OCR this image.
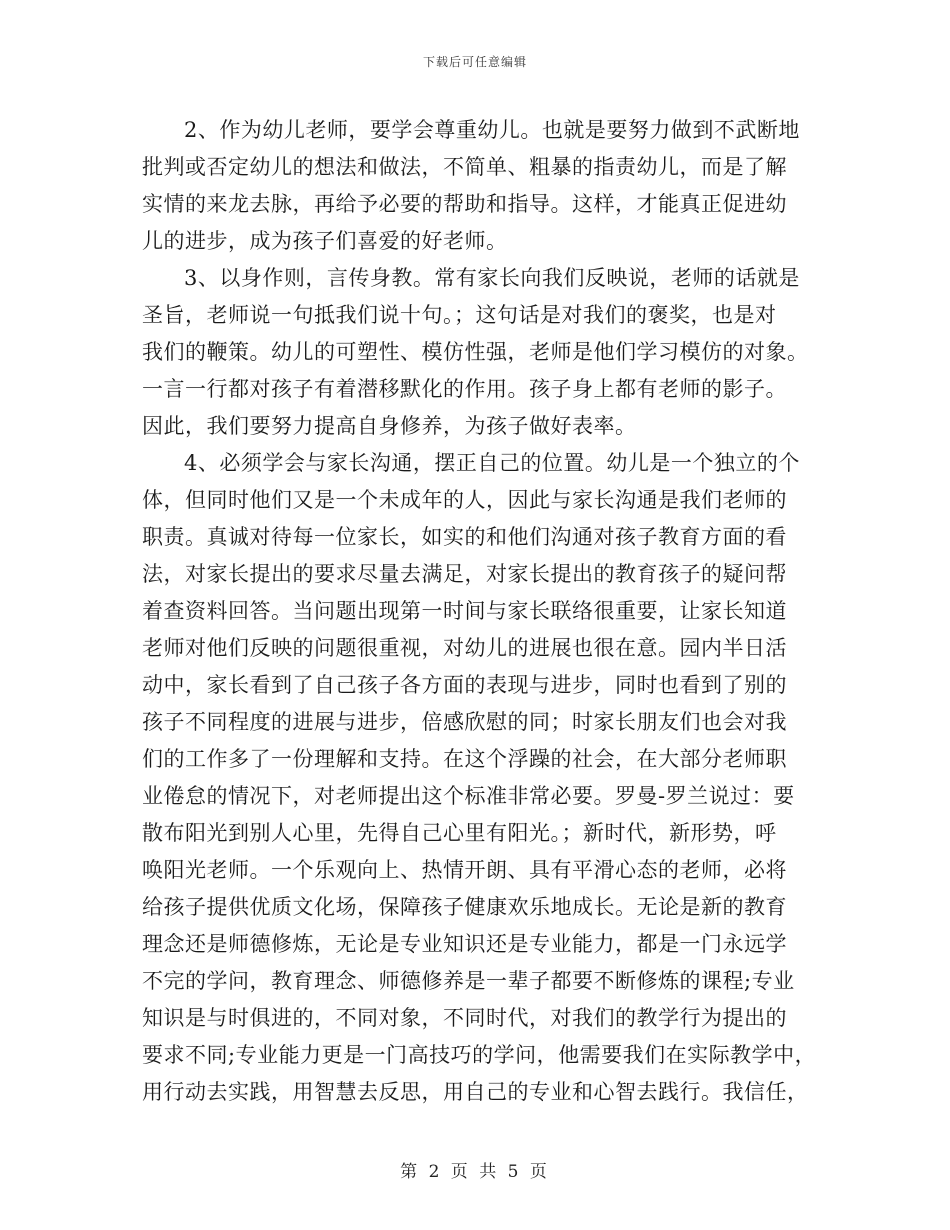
下载后可任意编辑
2、作为幼儿老师，要学会尊重幼儿。也就是要努力做到不武断地
批判或否定幼儿的想法和做法，不简单、粗暴的指责幼儿，而是了解
实情的来龙去脉，再给予必要的帮助和指导。这样，才能真正促进幼
儿的进步，成为孩子们喜爱的好老师。
3、以身作则，言传身教。常有家长向我们反映说，老师的话就是
圣旨，老师说一句抵我们说十句。；这句话是对我们的褒奖，也是对
我们的鞭策。幼儿的可塑性、模仿性强，老师是他们学习模仿的对象。
一言一行都对孩子有着潜移默化的作用。孩子身上都有老师的影子。
因此，我们要努力提高自身修养，为孩子做好表率。
4、必须学会与家长沟通，摆正自己的位置。幼儿是一个独立的个
体，但同时他们又是一个未成年的人，因此与家长沟通是我们老师的
职责。真诚对待每一位家长，如实的和他们沟通对孩子教育方面的看
法，对家长提出的要求尽量去满足，对家长提出的教育孩子的疑问帮
着查资料回答。当问题出现第一时间与家长联络很重要，让家长知道
老师对他们反映的问题很重视，对幼儿的进展也很在意。园内半日活
动中，家长看到了自己孩子各方面的表现与进步，同时也看到了别的
孩子不同程度的进展与进步，倍感欣慰的同；时家长朋友们也会对我
们的工作多了一份理解和支持。在这个浮躁的社会，在大部分老师职
业倦怠的情况下，对老师提出这个标准非常必要。罗曼-罗兰说过：要
散布阳光到别人心里，先得自己心里有阳光。；新时代，新形势，呼
唤阳光老师。一个乐观向上、热情开朗、具有平滑心态的老师，必将
给孩子提供优质文化场，保障孩子健康欢乐地成长。无论是新的教育
理念还是师德修炼，无论是专业知识还是专业能力，都是一门永远学
不完的学问，教育理念、师德修养是一辈子都要不断修炼的课程;专业
知识是与时俱进的，不同对象，不同时代，对我们的教学行为提出的
要求不同;专业能力更是一门高技巧的学问，他需要我们在实际教学中，
用行动去实践，用智慧去反思，用自己的专业和心智去践行。我信任，
第 2 页 共 5 页
